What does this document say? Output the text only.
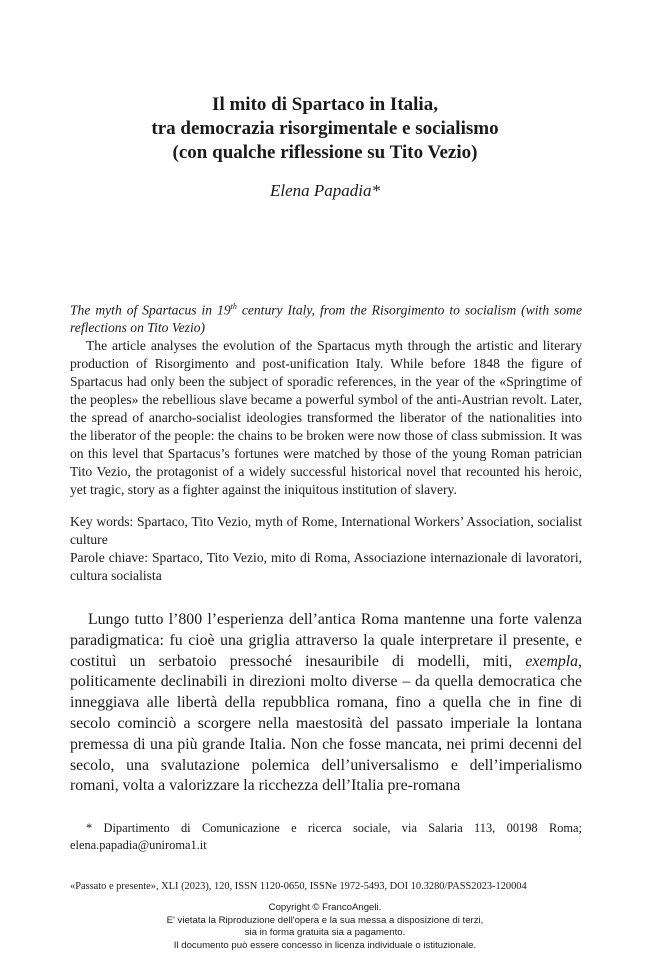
Il mito di Spartaco in Italia,
tra democrazia risorgimentale e socialismo
(con qualche riflessione su Tito Vezio)
Elena Papadia*
The myth of Spartacus in 19th century Italy, from the Risorgimento to socialism (with some reflections on Tito Vezio)

The article analyses the evolution of the Spartacus myth through the artistic and literary production of Risorgimento and post-unification Italy. While before 1848 the figure of Spartacus had only been the subject of sporadic references, in the year of the «Springtime of the peoples» the rebellious slave became a powerful symbol of the anti-Austrian revolt. Later, the spread of anarcho-socialist ideologies transformed the liberator of the nationalities into the liberator of the people: the chains to be broken were now those of class submission. It was on this level that Spartacus’s fortunes were matched by those of the young Roman patrician Tito Vezio, the protagonist of a widely successful historical novel that recounted his heroic, yet tragic, story as a fighter against the iniquitous institution of slavery.

Key words: Spartaco, Tito Vezio, myth of Rome, International Workers’ Association, socialist culture

Parole chiave: Spartaco, Tito Vezio, mito di Roma, Associazione internazionale di lavoratori, cultura socialista

Lungo tutto l’800 l’esperienza dell’antica Roma mantenne una forte valenza paradigmatica: fu cioè una griglia attraverso la quale interpretare il presente, e costituì un serbatoio pressoché inesauribile di modelli, miti, exempla, politicamente declinabili in direzioni molto diverse – da quella democratica che inneggiava alle libertà della repubblica romana, fino a quella che in fine di secolo cominciò a scorgere nella maestosità del passato imperiale la lontana premessa di una più grande Italia. Non che fosse mancata, nei primi decenni del secolo, una svalutazione polemica dell’universalismo e dell’imperialismo romani, volta a valorizzare la ricchezza dell’Italia pre-romana

* Dipartimento di Comunicazione e ricerca sociale, via Salaria 113, 00198 Roma; elena.papadia@uniroma1.it

«Passato e presente», XLI (2023), 120, ISSN 1120-0650, ISSNe 1972-5493, DOI 10.3280/PASS2023-120004
Copyright © FrancoAngeli.
E' vietata la Riproduzione dell'opera e la sua messa a disposizione di terzi,
sia in forma gratuita sia a pagamento.
Il documento può essere concesso in licenza individuale o istituzionale.
